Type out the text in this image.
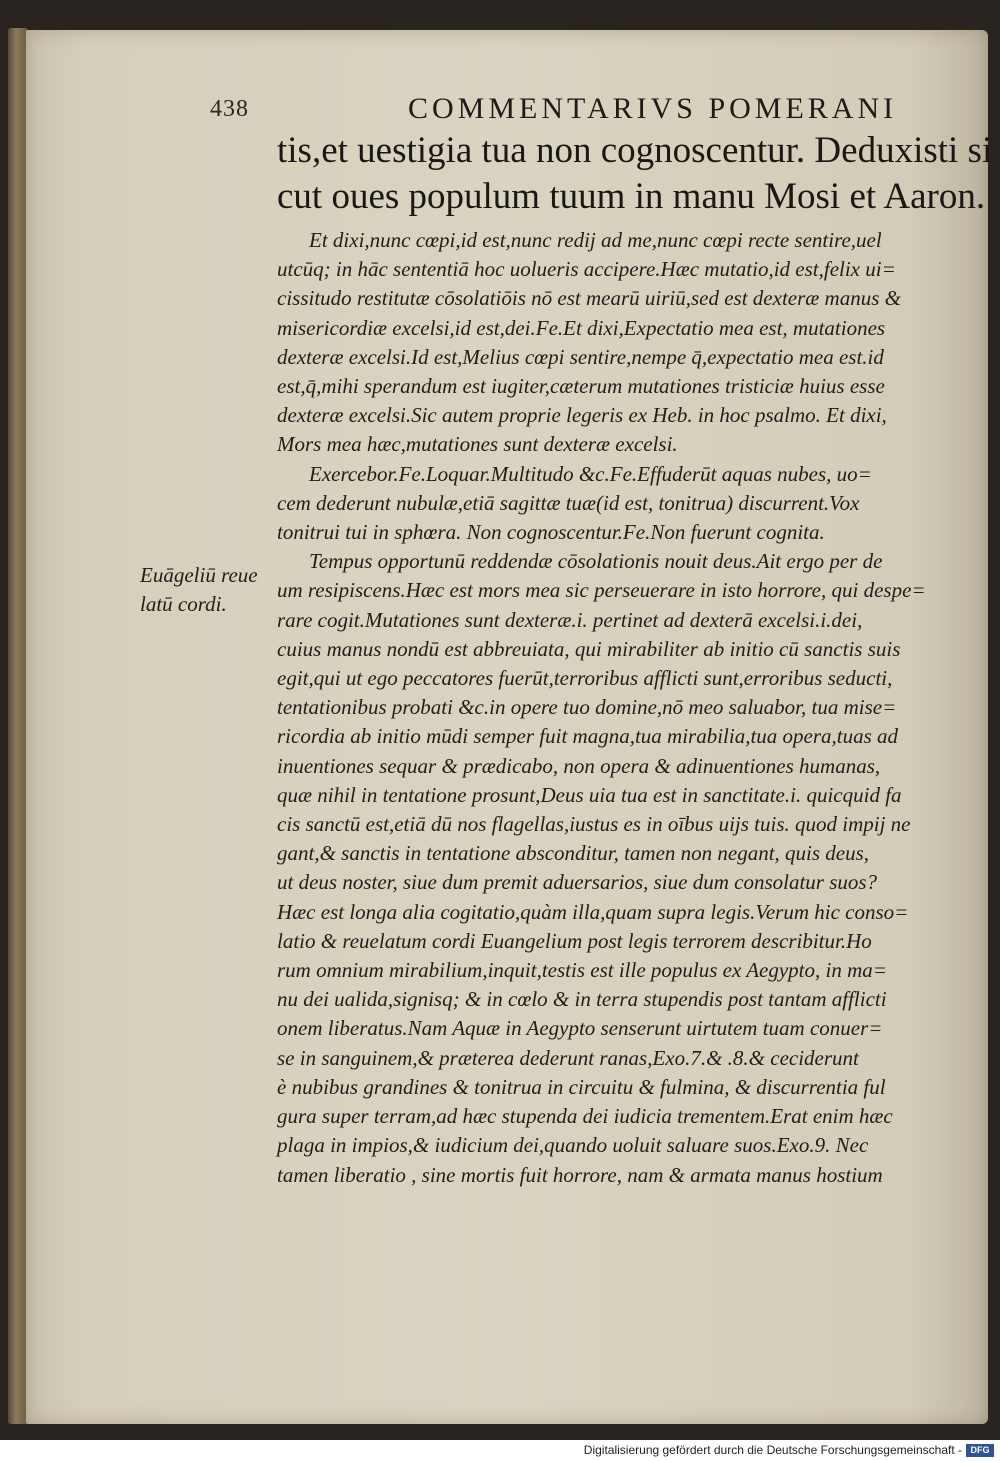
438	COMMENTARIVS POMERANI
tis,et uestigia tua non cognoscentur. Deduxisti si
cut oues populum tuum in manu Mosi et Aaron.
Et dixi,nunc cœpi,id est,nunc redij ad me,nunc cœpi recte sentire,uel
utcūq; in hāc sententiā hoc uolueris accipere.Hæc mutatio,id est,felix ui=
cissitudo restitutæ cōsolatiōis nō est mearū uiriū,sed est dexteræ manus &
misericordiæ excelsi,id est,dei.Fe.Et dixi,Expectatio mea est, mutationes
dexteræ excelsi.Id est,Melius cœpi sentire,nempe q̄,expectatio mea est.id
est,q̄,mihi sperandum est iugiter,cæterum mutationes tristiciæ huius esse
dexteræ excelsi.Sic autem proprie legeris ex Heb. in hoc psalmo. Et dixi,
Mors mea hæc,mutationes sunt dexteræ excelsi.
Exercebor.Fe.Loquar.Multitudo &c.Fe.Effuderūt aquas nubes, uo=
cem dederunt nubulæ,etiā sagittæ tuæ(id est, tonitrua) discurrent.Vox
tonitrui tui in sphœra. Non cognoscentur.Fe.Non fuerunt cognita.
Tempus opportunū reddendæ cōsolationis nouit deus.Ait ergo per de
um resipiscens.Hæc est mors mea sic perseuerare in isto horrore, qui despe=
rare cogit.Mutationes sunt dexteræ.i. pertinet ad dexterā excelsi.i.dei,
cuius manus nondū est abbreuiata, qui mirabiliter ab initio cū sanctis suis
egit,qui ut ego peccatores fuerūt,terroribus afflicti sunt,erroribus seducti,
tentationibus probati &c.in opere tuo domine,nō meo saluabor, tua mise=
ricordia ab initio mūdi semper fuit magna,tua mirabilia,tua opera,tuas ad
inuentiones sequar & prædicabo, non opera & adinuentiones humanas,
quæ nihil in tentatione prosunt,Deus uia tua est in sanctitate.i. quicquid fa
cis sanctū est,etiā dū nos flagellas,iustus es in oībus uijs tuis. quod impij ne
gant,& sanctis in tentatione absconditur, tamen non negant, quis deus,
ut deus noster, siue dum premit aduersarios, siue dum consolatur suos?
Hæc est longa alia cogitatio,quàm illa,quam supra legis.Verum hic conso=
latio & reuelatum cordi Euangelium post legis terrorem describitur.Ho
rum omnium mirabilium,inquit,testis est ille populus ex Aegypto, in ma=
nu dei ualida,signisq; & in cœlo & in terra stupendis post tantam afflicti
onem liberatus.Nam Aquæ in Aegypto senserunt uirtutem tuam conuer=
se in sanguinem,& præterea dederunt ranas,Exo.7.& .8.& ceciderunt
è nubibus grandines & tonitrua in circuitu & fulmina, & discurrentia ful
gura super terram,ad hæc stupenda dei iudicia trementem.Erat enim hæc
plaga in impios,& iudicium dei,quando uoluit saluare suos.Exo.9. Nec
tamen liberatio , sine mortis fuit horrore, nam & armata manus hostium
Euāgeliū reue
latū cordi.
Digitalisierung gefördert durch die Deutsche Forschungsgemeinschaft - DFG
